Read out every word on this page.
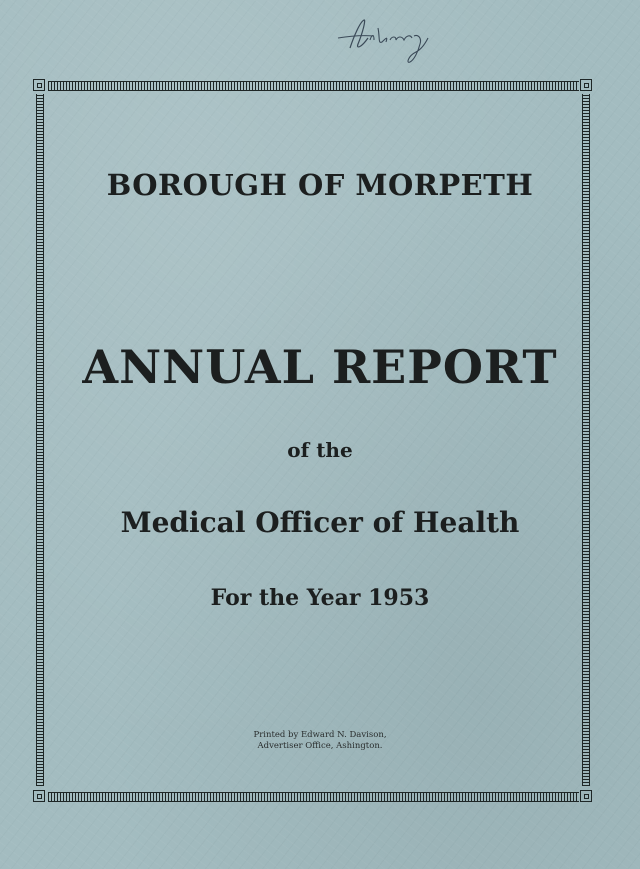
BOROUGH OF MORPETH
ANNUAL REPORT
of the
Medical Officer of Health
For the Year 1953
Printed by Edward N. Davison,
Advertiser Office, Ashington.
